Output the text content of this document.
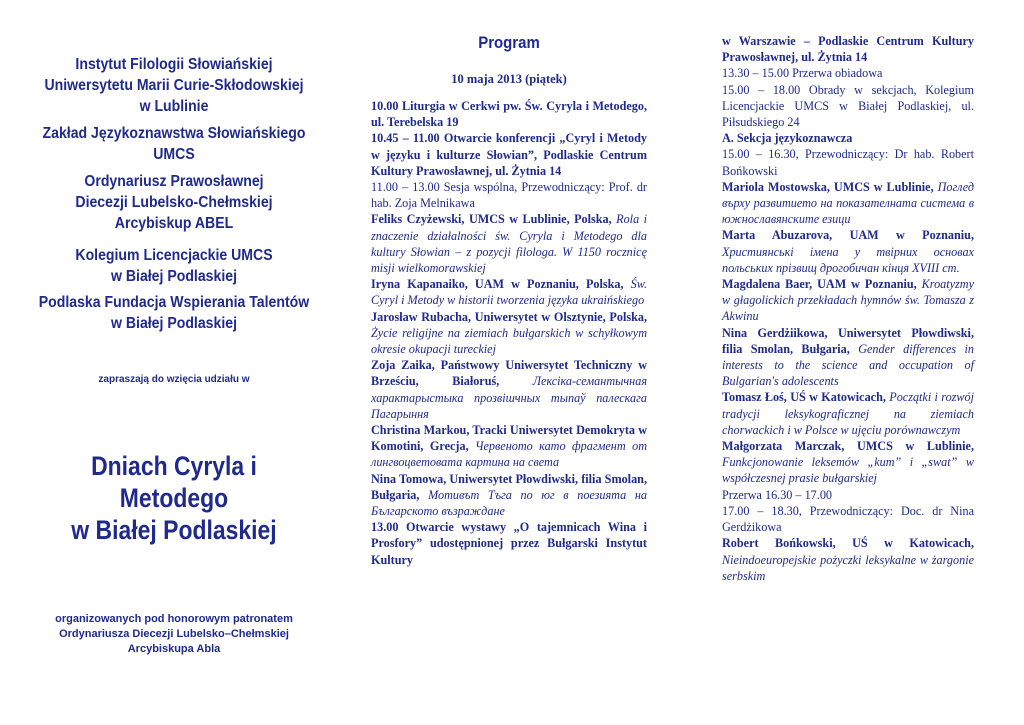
Instytut Filologii Słowiańskiej
Uniwersytetu Marii Curie-Skłodowskiej
w Lublinie
Zakład Językoznawstwa Słowiańskiego
UMCS
Ordynariusz Prawosławnej
Diecezji Lubelsko-Chełmskiej
Arcybiskup ABEL
Kolegium Licencjackie UMCS
w Białej Podlaskiej
Podlaska Fundacja Wspierania Talentów
w Białej Podlaskiej
zapraszają do wzięcia udziału w
Dniach Cyryla i Metodego
w Białej Podlaskiej
organizowanych pod honorowym patronatem
Ordynariusza Diecezji Lubelsko–Chełmskiej
Arcybiskupa Abla
Program
10 maja 2013 (piątek)
10.00 Liturgia w Cerkwi pw. Św. Cyryla i Metodego, ul. Terebelska 19
10.45 – 11.00 Otwarcie konferencji „Cyryl i Metody w języku i kulturze Słowian”, Podlaskie Centrum Kultury Prawosławnej, ul. Żytnia 14
11.00 – 13.00 Sesja wspólna, Przewodniczący: Prof. dr hab. Zoja Melnikawa
Feliks Czyżewski, UMCS w Lublinie, Polska, Rola i znaczenie działalności św. Cyryla i Metodego dla kultury Słowian – z pozycji filologa. W 1150 rocznicę misji wielkomorawskiej
Iryna Kapanaiko, UAM w Poznaniu, Polska, Św. Cyryl i Metody w historii tworzenia języka ukraińskiego
Jarosław Rubacha, Uniwersytet w Olsztynie, Polska, Życie religijne na ziemiach bułgarskich w schyłkowym okresie okupacji tureckiej
Zoja Zaika, Państwowy Uniwersytet Techniczny w Brześciu, Białoruś,	Лексіка-семантычная характарыстыка прозвішчных тыпаў палескага Пагарыння
Christina Markou, Tracki Uniwersytet Demokryta w Komotini, Grecja, Червеното като фрагмент от лингвоцветовата картина на света
Nina Tomowa, Uniwersytet Płowdiwski, filia Smolan, Bułgaria, Мотивът Тъга по юг в поезията на Българското възраждане
13.00 Otwarcie wystawy „O tajemnicach Wina i Prosfory” udostępnionej przez Bułgarski Instytut Kultury
w Warszawie – Podlaskie Centrum Kultury Prawosławnej, ul. Żytnia 14
13.30 – 15.00 Przerwa obiadowa
15.00 – 18.00 Obrady w sekcjach, Kolegium Licencjackie UMCS w Białej Podlaskiej, ul. Piłsudskiego 24
A. Sekcja językoznawcza
15.00 – 16.30, Przewodniczący: Dr hab. Robert Bońkowski
Mariola Mostowska, UMCS w Lublinie, Поглед върху развитието на показателната система в южнославянските езици
Marta Abuzarova, UAM w Poznaniu, Християнські імена у твірних основах польських прізвищ дрогобичан кінця XVIII ст.
Magdalena Baer, UAM w Poznaniu, Kroatyzmy w głagolickich przekładach hymnów św. Tomasza z Akwinu
Nina Gerdżiikowa, Uniwersytet Płowdiwski, filia Smolan, Bułgaria, Gender differences in interests to the science and occupation of Bulgarian's adolescents
Tomasz Łoś, UŚ w Katowicach, Początki i rozwój tradycji leksykograficznej na ziemiach chorwackich i w Polsce w ujęciu porównawczym
Małgorzata Marczak, UMCS w Lublinie, Funkcjonowanie leksemów „kum” i „swat” w współczesnej prasie bułgarskiej
Przerwa 16.30 – 17.00
17.00 – 18.30, Przewodniczący: Doc. dr Nina Gerdżikowa
Robert Bońkowski, UŚ w Katowicach, Nieindoeuropejskie pożyczki leksykalne w żargonie serbskim
